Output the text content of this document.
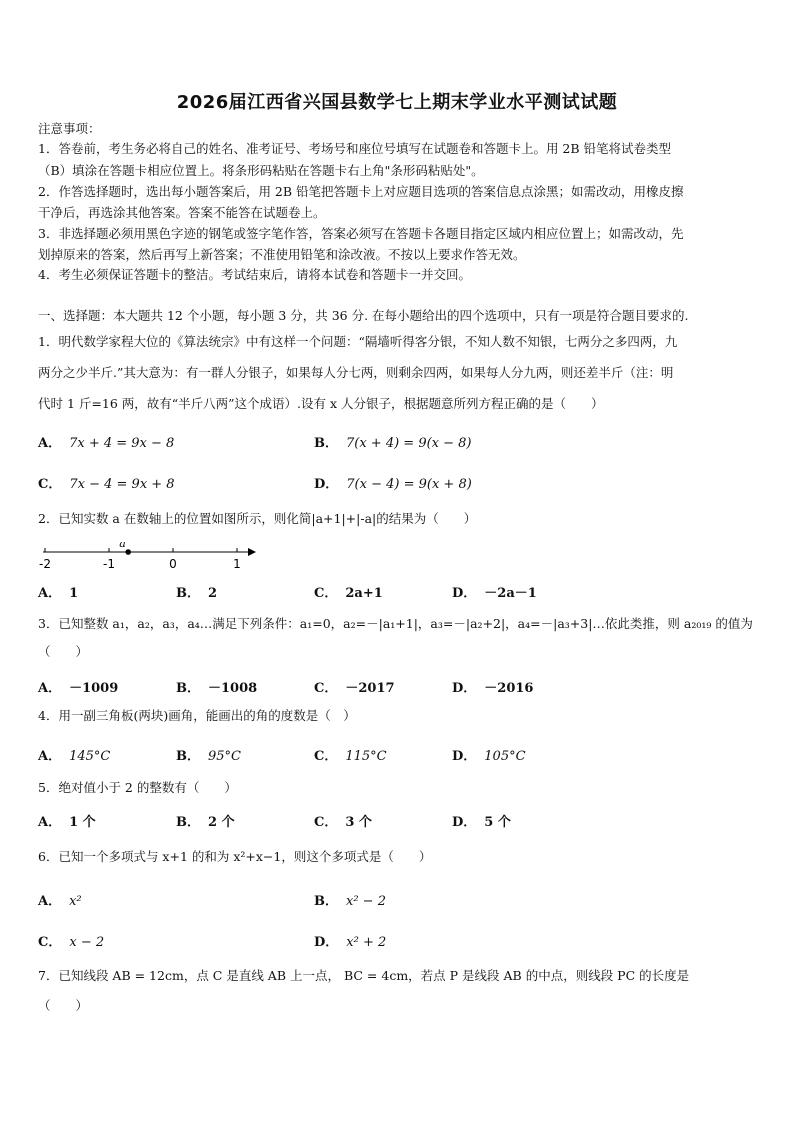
2026届江西省兴国县数学七上期末学业水平测试试题
注意事项：
1．答卷前，考生务必将自己的姓名、准考证号、考场号和座位号填写在试题卷和答题卡上。用 2B 铅笔将试卷类型
（B）填涂在答题卡相应位置上。将条形码粘贴在答题卡右上角"条形码粘贴处"。
2．作答选择题时，选出每小题答案后，用 2B 铅笔把答题卡上对应题目选项的答案信息点涂黑；如需改动，用橡皮擦
干净后，再选涂其他答案。答案不能答在试题卷上。
3．非选择题必须用黑色字迹的钢笔或签字笔作答，答案必须写在答题卡各题目指定区域内相应位置上；如需改动，先
划掉原来的答案，然后再写上新答案；不准使用铅笔和涂改液。不按以上要求作答无效。
4．考生必须保证答题卡的整洁。考试结束后，请将本试卷和答题卡一并交回。
一、选择题：本大题共 12 个小题，每小题 3 分，共 36 分. 在每小题给出的四个选项中，只有一项是符合题目要求的.
1．明代数学家程大位的《算法统宗》中有这样一个问题：“隔墙听得客分银，不知人数不知银，七两分之多四两，九
两分之少半斤.”其大意为：有一群人分银子，如果每人分七两，则剩余四两，如果每人分九两，则还差半斤（注：明
代时 1 斤=16 两，故有“半斤八两”这个成语）.设有 x 人分银子，根据题意所列方程正确的是（　　）
A． 7x + 4 = 9x − 8	B． 7(x + 4) = 9(x − 8)
C． 7x − 4 = 9x + 8	D． 7(x − 4) = 9(x + 8)
2．已知实数 a 在数轴上的位置如图所示，则化简|a+1|+|-a|的结果为（　　）
-2	-1	0	1
a
A． 1	B． 2	C． 2a+1	D． －2a－1
3．已知整数 a₁，a₂，a₃，a₄…满足下列条件：a₁=0，a₂=－|a₁+1|，a₃=－|a₂+2|，a₄=－|a₃+3|…依此类推，则 a₂₀₁₉ 的值为
（　　）
A． －1009	B． －1008	C． －2017	D． －2016
4．用一副三角板(两块)画角，能画出的角的度数是（　）
A． 145°C	B． 95°C	C． 115°C	D． 105°C
5．绝对值小于 2 的整数有（　　）
A． 1 个	B． 2 个	C． 3 个	D． 5 个
6．已知一个多项式与 x+1 的和为 x²+x−1，则这个多项式是（　　）
A． x²	B． x² − 2
C． x − 2	D． x² + 2
7．已知线段 AB = 12cm，点 C 是直线 AB 上一点， BC = 4cm，若点 P 是线段 AB 的中点，则线段 PC 的长度是
（　　）
